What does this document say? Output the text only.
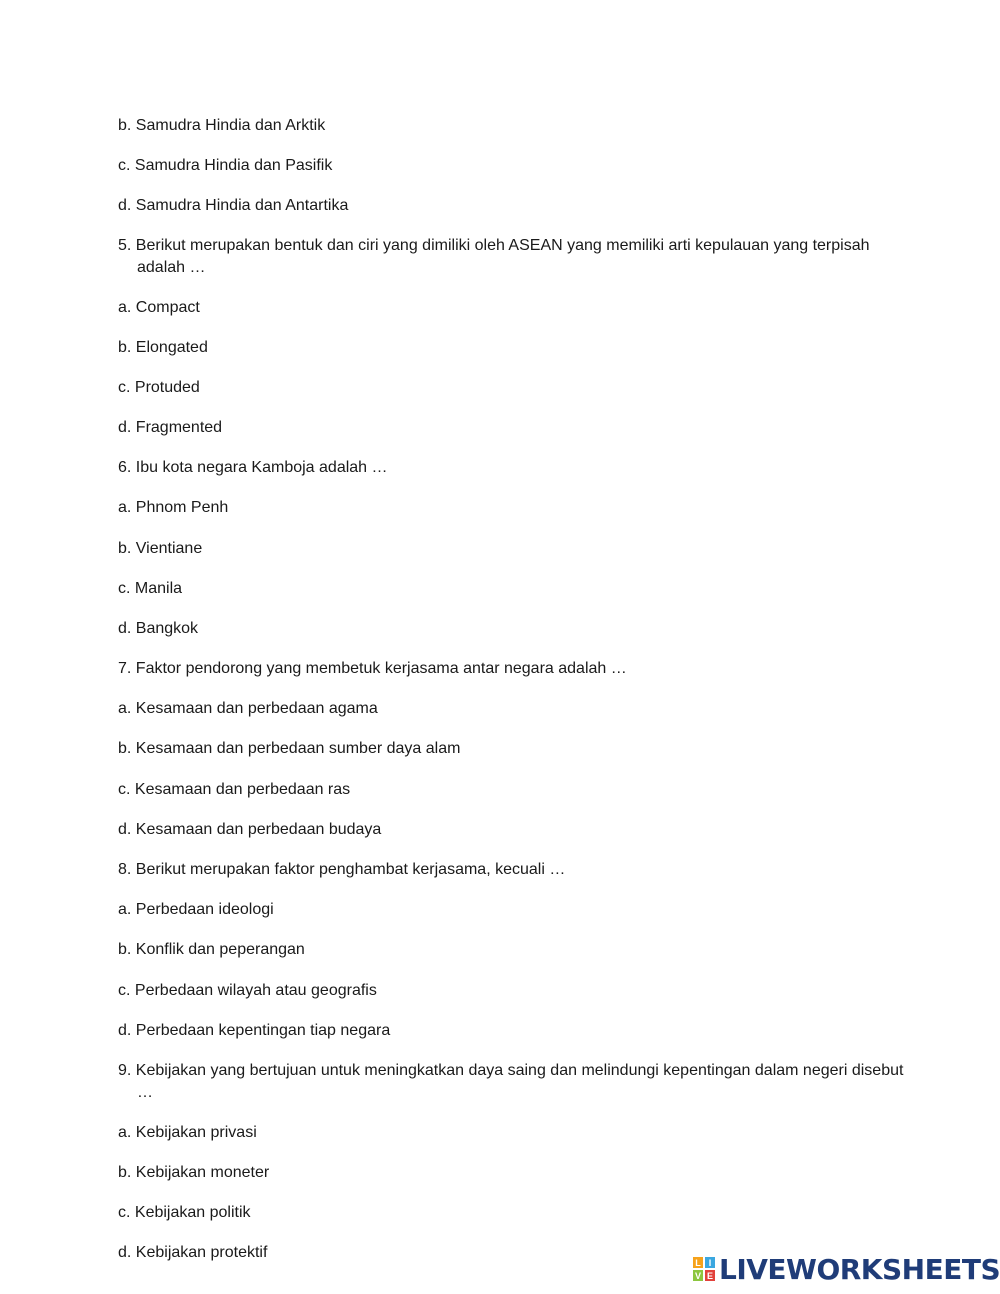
b. Samudra Hindia dan Arktik
c. Samudra Hindia dan Pasifik
d. Samudra Hindia dan Antartika
5. Berikut merupakan bentuk dan ciri yang dimiliki oleh ASEAN yang memiliki arti kepulauan yang terpisah adalah …
a. Compact
b. Elongated
c. Protuded
d. Fragmented
6. Ibu kota negara Kamboja adalah …
a. Phnom Penh
b. Vientiane
c. Manila
d. Bangkok
7. Faktor pendorong yang membetuk kerjasama antar negara adalah …
a. Kesamaan dan perbedaan agama
b. Kesamaan dan perbedaan sumber daya alam
c. Kesamaan dan perbedaan ras
d. Kesamaan dan perbedaan budaya
8. Berikut merupakan faktor penghambat kerjasama, kecuali …
a. Perbedaan ideologi
b. Konflik dan peperangan
c. Perbedaan wilayah atau geografis
d. Perbedaan kepentingan tiap negara
9. Kebijakan yang bertujuan untuk meningkatkan daya saing dan melindungi kepentingan dalam negeri disebut …
a. Kebijakan privasi
b. Kebijakan moneter
c. Kebijakan politik
d. Kebijakan protektif
L I
V E LIVEWORKSHEETS
